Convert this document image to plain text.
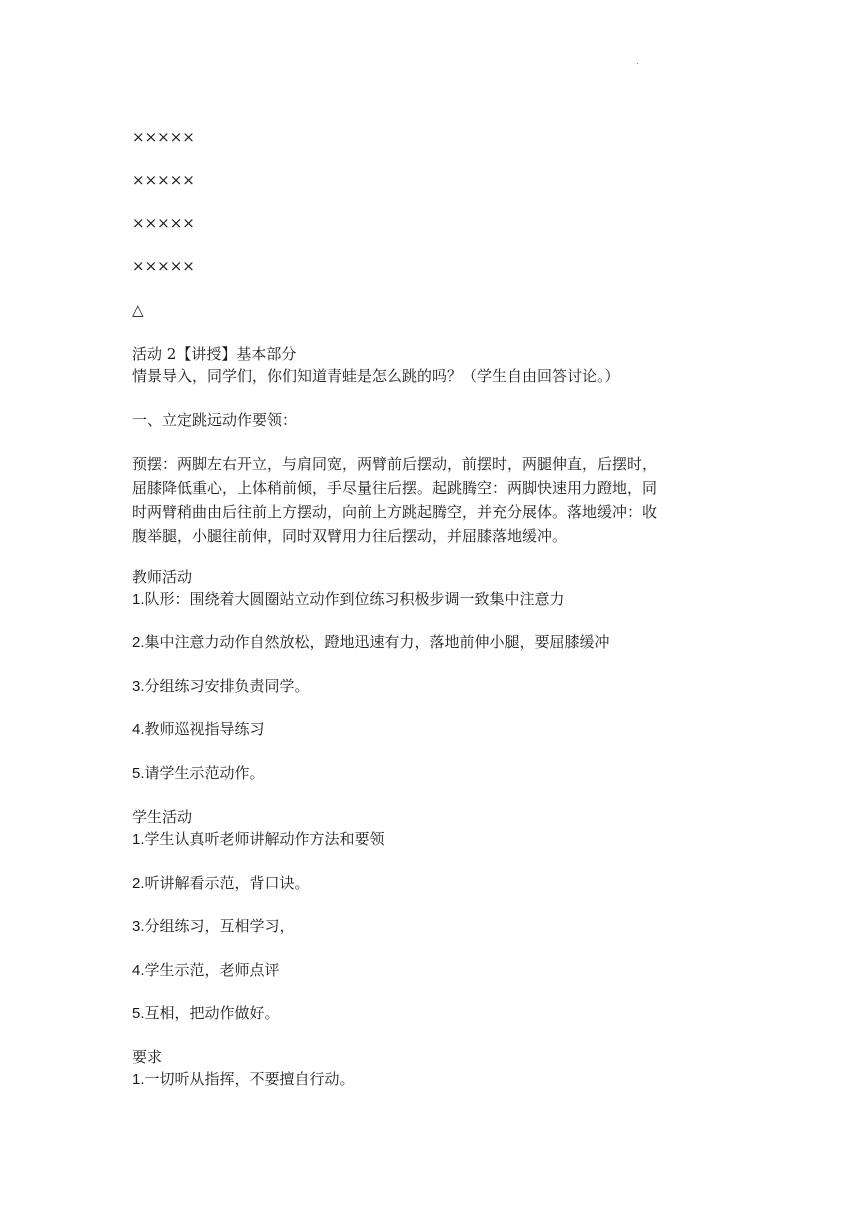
.
×××××
×××××
×××××
×××××
△
活动 2【讲授】基本部分
情景导入，同学们，你们知道青蛙是怎么跳的吗？（学生自由回答讨论。）
一、立定跳远动作要领：
预摆：两脚左右开立，与肩同宽，两臂前后摆动，前摆时，两腿伸直，后摆时，
屈膝降低重心，上体稍前倾，手尽量往后摆。起跳腾空：两脚快速用力蹬地，同
时两臂稍曲由后往前上方摆动，向前上方跳起腾空，并充分展体。落地缓冲：收
腹举腿，小腿往前伸，同时双臂用力往后摆动，并屈膝落地缓冲。
教师活动
1.队形：围绕着大圆圈站立动作到位练习积极步调一致集中注意力
2.集中注意力动作自然放松，蹬地迅速有力，落地前伸小腿，要屈膝缓冲
3.分组练习安排负责同学。
4.教师巡视指导练习
5.请学生示范动作。
学生活动
1.学生认真听老师讲解动作方法和要领
2.听讲解看示范，背口诀。
3.分组练习，互相学习，
4.学生示范，老师点评
5.互相，把动作做好。
要求
1.一切听从指挥，不要擅自行动。
